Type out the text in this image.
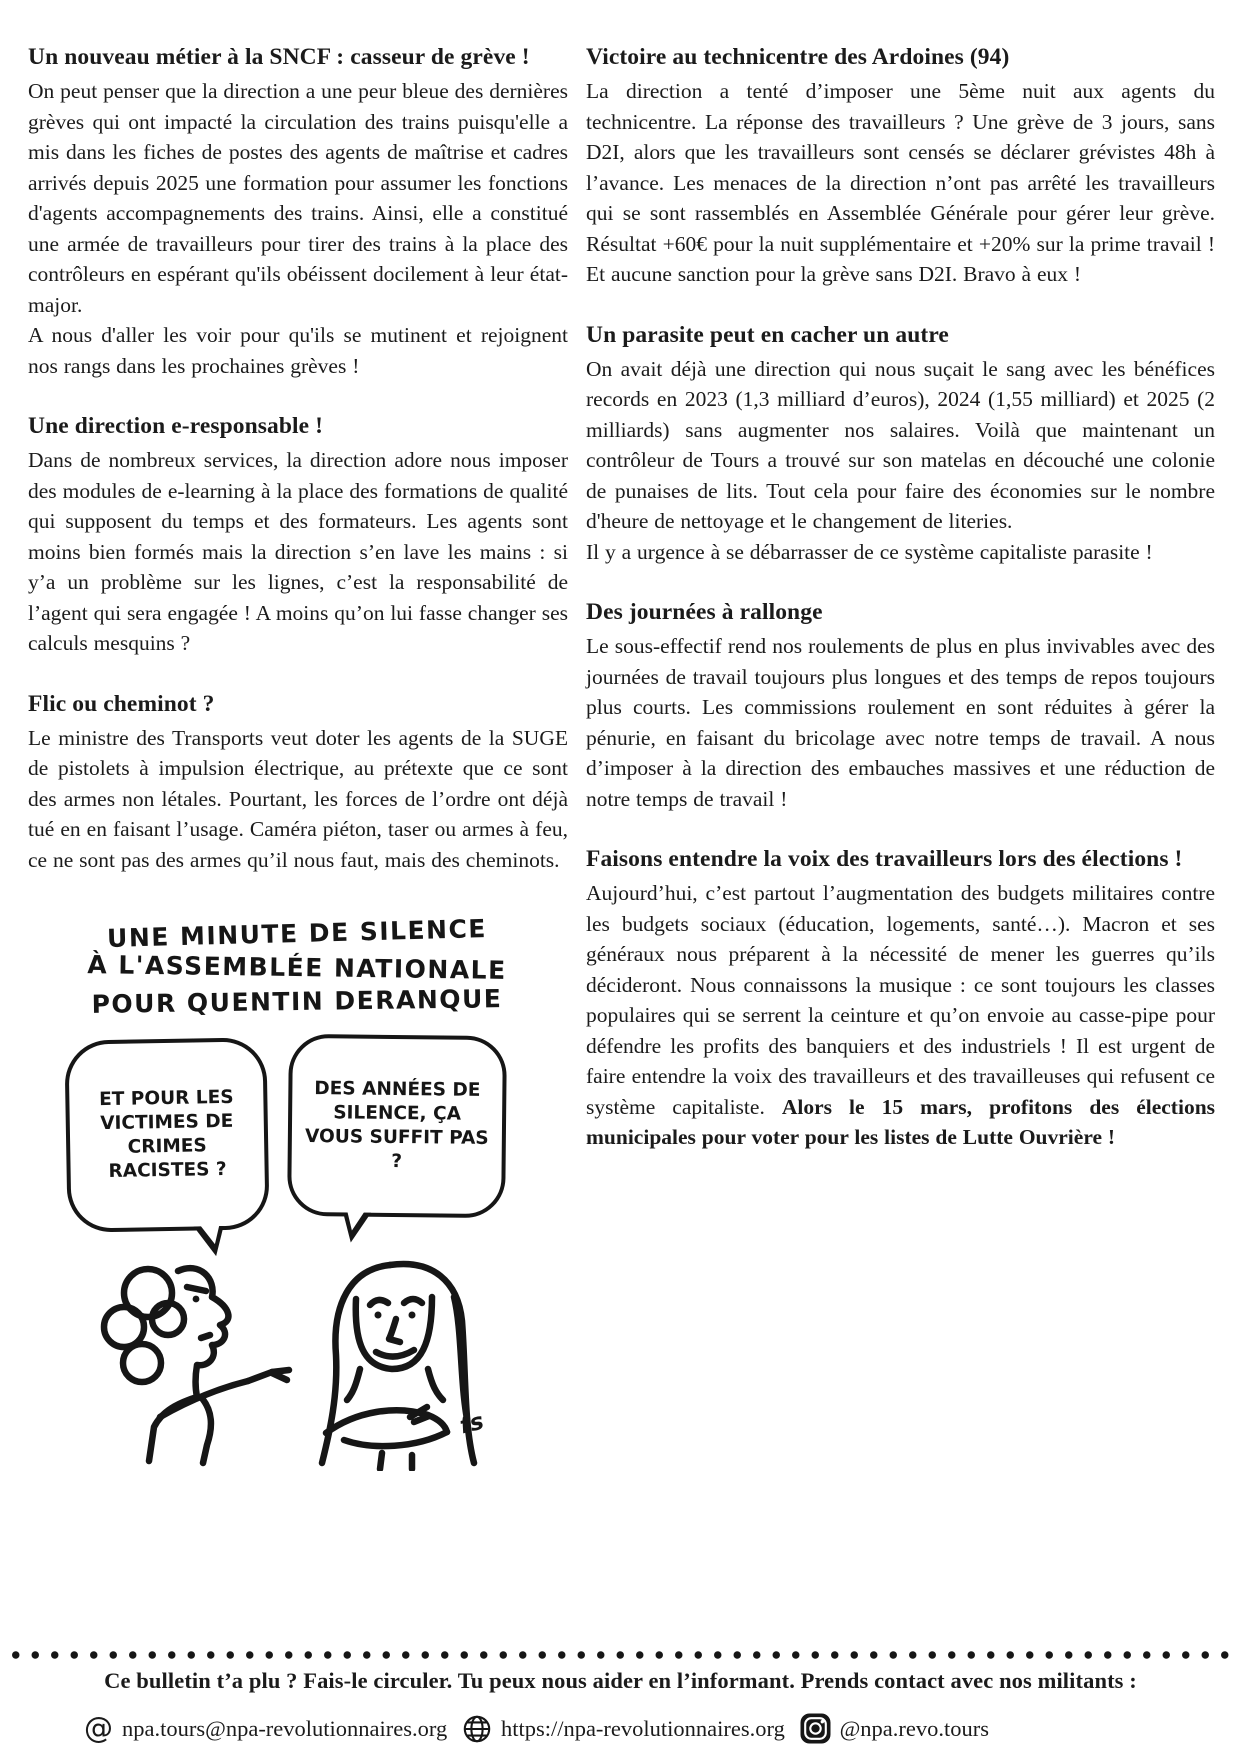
Un nouveau métier à la SNCF : casseur de grève !

On peut penser que la direction a une peur bleue des dernières grèves qui ont impacté la circulation des trains puisqu'elle a mis dans les fiches de postes des agents de maîtrise et cadres arrivés depuis 2025 une formation pour assumer les fonctions d'agents accompagnements des trains. Ainsi, elle a constitué une armée de travailleurs pour tirer des trains à la place des contrôleurs en espérant qu'ils obéissent docilement à leur état-major.

A nous d'aller les voir pour qu'ils se mutinent et rejoignent nos rangs dans les prochaines grèves !

Une direction e-responsable !

Dans de nombreux services, la direction adore nous imposer des modules de e-learning à la place des formations de qualité qui supposent du temps et des formateurs. Les agents sont moins bien formés mais la direction s’en lave les mains : si y’a un problème sur les lignes, c’est la responsabilité de l’agent qui sera engagée ! A moins qu’on lui fasse changer ses calculs mesquins ?

Flic ou cheminot ?

Le ministre des Transports veut doter les agents de la SUGE de pistolets à impulsion électrique, au prétexte que ce sont des armes non létales. Pourtant, les forces de l’ordre ont déjà tué en en faisant l’usage. Caméra piéton, taser ou armes à feu, ce ne sont pas des armes qu’il nous faut, mais des cheminots.

UNE MINUTE DE SILENCE
À L'ASSEMBLÉE NATIONALE
POUR QUENTIN DERANQUE
ET POUR LES VICTIMES DE CRIMES RACISTES ?
DES ANNÉES DE SILENCE, ÇA VOUS SUFFIT PAS ?
fs
Victoire au technicentre des Ardoines (94)

La direction a tenté d’imposer une 5ème nuit aux agents du technicentre. La réponse des travailleurs ? Une grève de 3 jours, sans D2I, alors que les travailleurs sont censés se déclarer grévistes 48h à l’avance. Les menaces de la direction n’ont pas arrêté les travailleurs qui se sont rassemblés en Assemblée Générale pour gérer leur grève. Résultat +60€ pour la nuit supplémentaire et +20% sur la prime travail ! Et aucune sanction pour la grève sans D2I. Bravo à eux !

Un parasite peut en cacher un autre

On avait déjà une direction qui nous suçait le sang avec les bénéfices records en 2023 (1,3 milliard d’euros), 2024 (1,55 milliard) et 2025 (2 milliards) sans augmenter nos salaires. Voilà que maintenant un contrôleur de Tours a trouvé sur son matelas en découché une colonie de punaises de lits. Tout cela pour faire des économies sur le nombre d'heure de nettoyage et le changement de literies.

Il y a urgence à se débarrasser de ce système capitaliste parasite !

Des journées à rallonge

Le sous-effectif rend nos roulements de plus en plus invivables avec des journées de travail toujours plus longues et des temps de repos toujours plus courts. Les commissions roulement en sont réduites à gérer la pénurie, en faisant du bricolage avec notre temps de travail. A nous d’imposer à la direction des embauches massives et une réduction de notre temps de travail !

Faisons entendre la voix des travailleurs lors des élections !

Aujourd’hui, c’est partout l’augmentation des budgets militaires contre les budgets sociaux (éducation, logements, santé…). Macron et ses généraux nous préparent à la nécessité de mener les guerres qu’ils décideront. Nous connaissons la musique : ce sont toujours les classes populaires qui se serrent la ceinture et qu’on envoie au casse-pipe pour défendre les profits des banquiers et des industriels ! Il est urgent de faire entendre la voix des travailleurs et des travailleuses qui refusent ce système capitaliste. Alors le 15 mars, profitons des élections municipales pour voter pour les listes de Lutte Ouvrière !

Ce bulletin t’a plu ? Fais-le circuler. Tu peux nous aider en l’informant. Prends contact avec nos militants :
@ npa.tours@npa-revolutionnaires.org https://npa-revolutionnaires.org @npa.revo.tours
